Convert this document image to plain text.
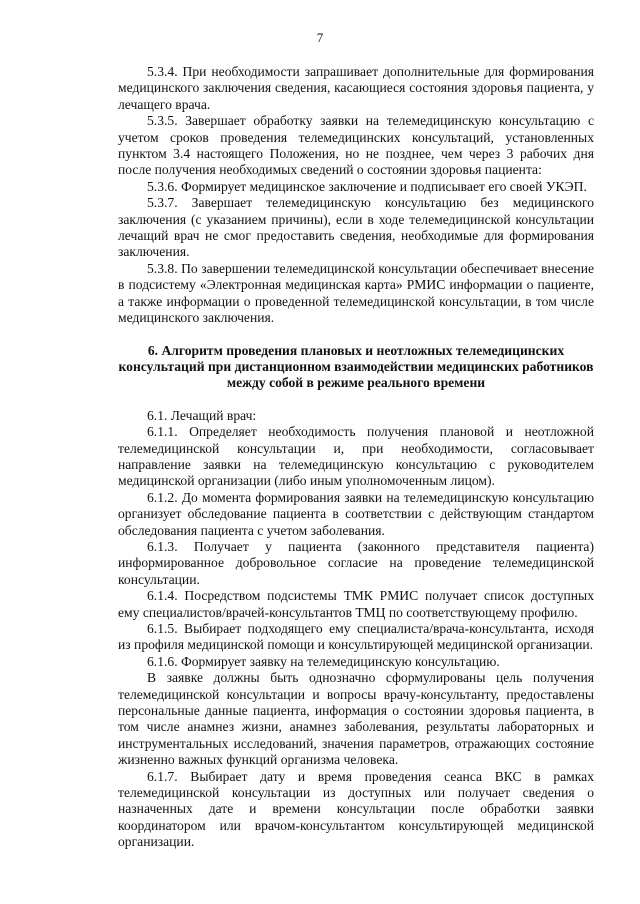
7

5.3.4. При необходимости запрашивает дополнительные для формирования медицинского заключения сведения, касающиеся состояния здоровья пациента, у лечащего врача.

5.3.5. Завершает обработку заявки на телемедицинскую консультацию с учетом сроков проведения телемедицинских консультаций, установленных пунктом 3.4 настоящего Положения, но не позднее, чем через 3 рабочих дня после получения необходимых сведений о состоянии здоровья пациента:

5.3.6. Формирует медицинское заключение и подписывает его своей УКЭП.

5.3.7. Завершает телемедицинскую консультацию без медицинского заключения (с указанием причины), если в ходе телемедицинской консультации лечащий врач не смог предоставить сведения, необходимые для формирования заключения.

5.3.8. По завершении телемедицинской консультации обеспечивает внесение в подсистему «Электронная медицинская карта» РМИС информации о пациенте, а также информации о проведенной телемедицинской консультации, в том числе медицинского заключения.

6. Алгоритм проведения плановых и неотложных телемедицинских
консультаций при дистанционном взаимодействии медицинских работников
между собой в режиме реального времени

6.1. Лечащий врач:

6.1.1. Определяет необходимость получения плановой и неотложной телемедицинской консультации и, при необходимости, согласовывает направление заявки на телемедицинскую консультацию с руководителем медицинской организации (либо иным уполномоченным лицом).

6.1.2. До момента формирования заявки на телемедицинскую консультацию организует обследование пациента в соответствии с действующим стандартом обследования пациента с учетом заболевания.

6.1.3. Получает у пациента (законного представителя пациента) информированное добровольное согласие на проведение телемедицинской консультации.

6.1.4. Посредством подсистемы ТМК РМИС получает список доступных ему специалистов/врачей-консультантов ТМЦ по соответствующему профилю.

6.1.5. Выбирает подходящего ему специалиста/врача-консультанта, исходя из профиля медицинской помощи и консультирующей медицинской организации.

6.1.6. Формирует заявку на телемедицинскую консультацию.

В заявке должны быть однозначно сформулированы цель получения телемедицинской консультации и вопросы врачу-консультанту, предоставлены персональные данные пациента, информация о состоянии здоровья пациента, в том числе анамнез жизни, анамнез заболевания, результаты лабораторных и инструментальных исследований, значения параметров, отражающих состояние жизненно важных функций организма человека.

6.1.7. Выбирает дату и время проведения сеанса ВКС в рамках телемедицинской консультации из доступных или получает сведения о назначенных дате и времени консультации после обработки заявки координатором или врачом-консультантом консультирующей медицинской организации.
